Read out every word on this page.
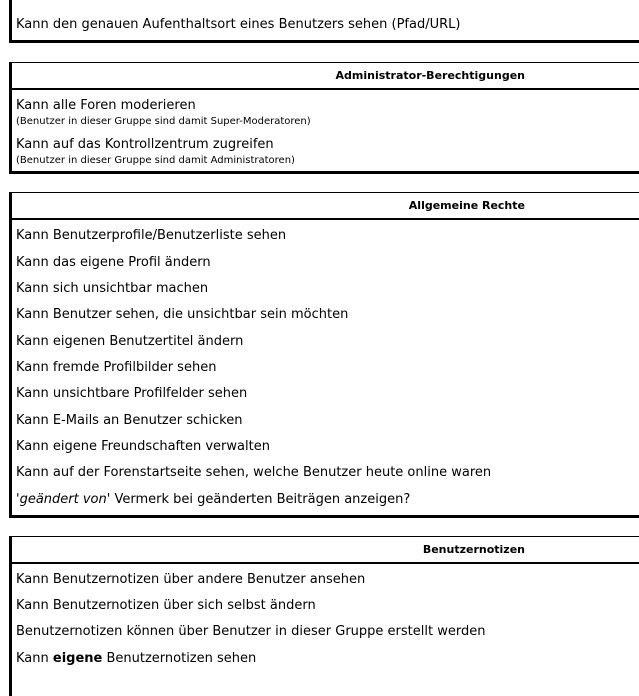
Kann den genauen Aufenthaltsort eines Benutzers sehen (Pfad/URL)
Administrator-Berechtigungen
Kann alle Foren moderieren
(Benutzer in dieser Gruppe sind damit Super-Moderatoren)
Kann auf das Kontrollzentrum zugreifen
(Benutzer in dieser Gruppe sind damit Administratoren)
Allgemeine Rechte
Kann Benutzerprofile/Benutzerliste sehen
Kann das eigene Profil ändern
Kann sich unsichtbar machen
Kann Benutzer sehen, die unsichtbar sein möchten
Kann eigenen Benutzertitel ändern
Kann fremde Profilbilder sehen
Kann unsichtbare Profilfelder sehen
Kann E-Mails an Benutzer schicken
Kann eigene Freundschaften verwalten
Kann auf der Forenstartseite sehen, welche Benutzer heute online waren
'geändert von' Vermerk bei geänderten Beiträgen anzeigen?
Benutzernotizen
Kann Benutzernotizen über andere Benutzer ansehen
Kann Benutzernotizen über sich selbst ändern
Benutzernotizen können über Benutzer in dieser Gruppe erstellt werden
Kann eigene Benutzernotizen sehen
